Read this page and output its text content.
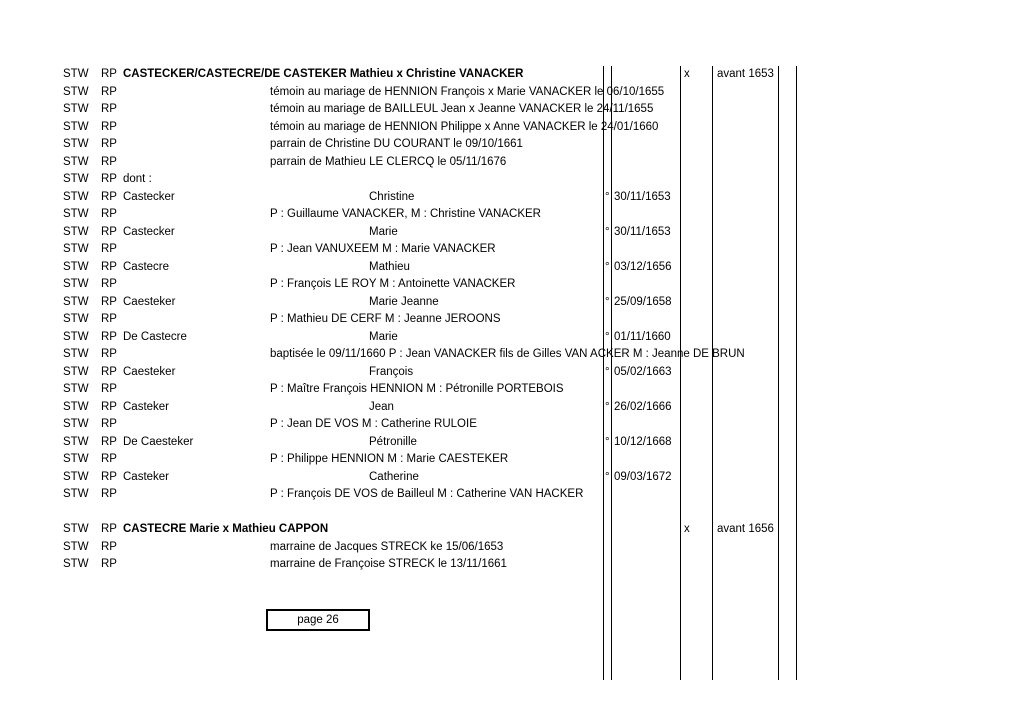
STW RP CASTECKER/CASTECRE/DE CASTEKER Mathieu x Christine VANACKER	x avant 1653
STW RP	témoin au mariage de HENNION François x Marie VANACKER le 06/10/1655
STW RP	témoin au mariage de BAILLEUL Jean x Jeanne VANACKER le 24/11/1655
STW RP	témoin au mariage de HENNION Philippe x Anne VANACKER le 24/01/1660
STW RP	parrain de Christine DU COURANT le 09/10/1661
STW RP	parrain de Mathieu LE CLERCQ le 05/11/1676
STW RP dont :
STW RP Castecker	Christine	° 30/11/1653
STW RP	P : Guillaume VANACKER, M : Christine VANACKER
STW RP Castecker	Marie	° 30/11/1653
STW RP	P : Jean VANUXEEM M : Marie VANACKER
STW RP Castecre	Mathieu	° 03/12/1656
STW RP	P : François LE ROY M : Antoinette VANACKER
STW RP Caesteker	Marie Jeanne	° 25/09/1658
STW RP	P : Mathieu DE CERF M : Jeanne JEROONS
STW RP De Castecre	Marie	° 01/11/1660
STW RP	baptisée le 09/11/1660 P : Jean VANACKER fils de Gilles VAN ACKER M : Jeanne DE BRUN
STW RP Caesteker	François	° 05/02/1663
STW RP	P : Maître François HENNION M : Pétronille PORTEBOIS
STW RP Casteker	Jean	° 26/02/1666
STW RP	P : Jean DE VOS M : Catherine RULOIE
STW RP De Caesteker	Pétronille	° 10/12/1668
STW RP	P : Philippe HENNION M : Marie CAESTEKER
STW RP Casteker	Catherine	° 09/03/1672
STW RP	P : François DE VOS de Bailleul M : Catherine VAN HACKER
STW RP CASTECRE Marie x Mathieu CAPPON	x avant 1656
STW RP	marraine de Jacques STRECK ke 15/06/1653
STW RP	marraine de Françoise STRECK le 13/11/1661
page 26
